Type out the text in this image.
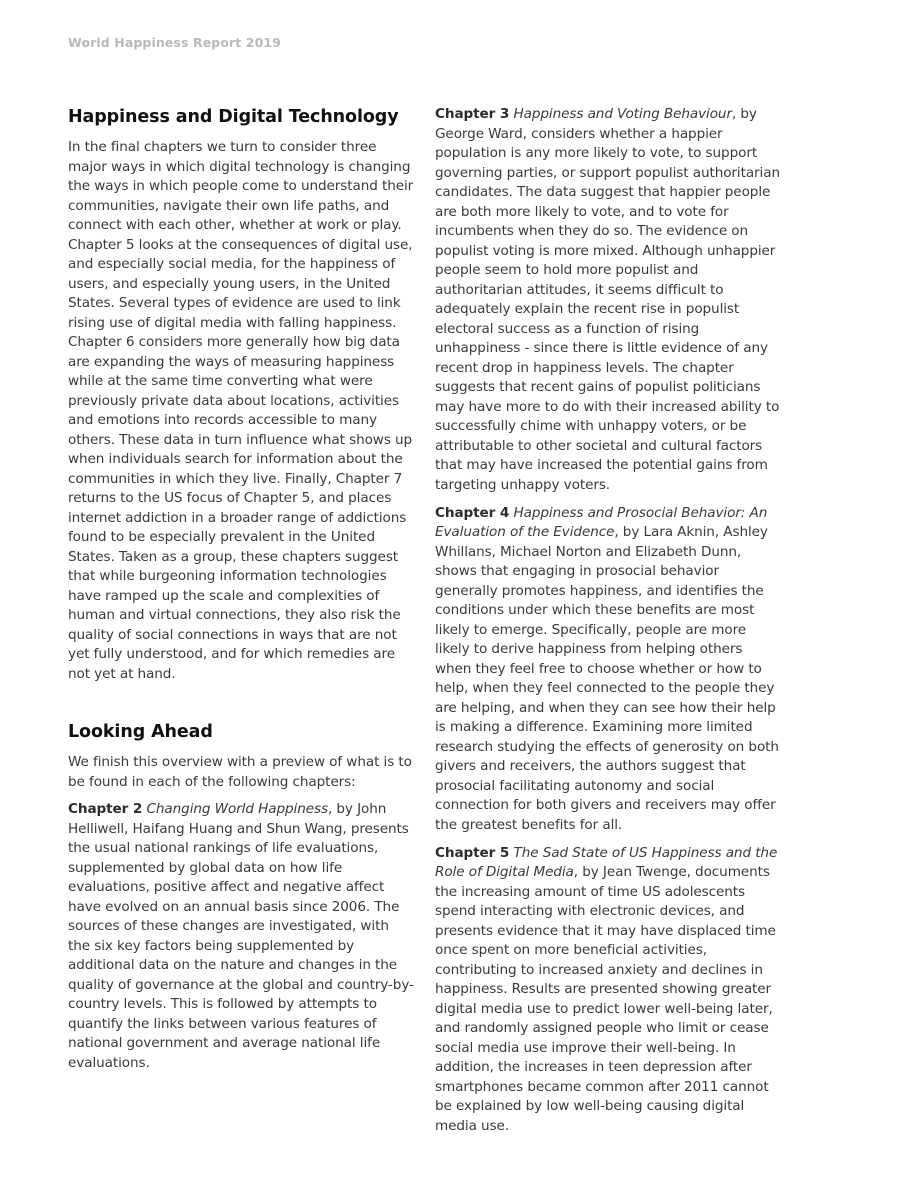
World Happiness Report 2019
Happiness and Digital Technology

In the final chapters we turn to consider three major ways in which digital technology is changing the ways in which people come to understand their communities, navigate their own life paths, and connect with each other, whether at work or play. Chapter 5 looks at the consequences of digital use, and especially social media, for the happiness of users, and especially young users, in the United States. Several types of evidence are used to link rising use of digital media with falling happiness. Chapter 6 considers more generally how big data are expanding the ways of measuring happiness while at the same time converting what were previously private data about locations, activities and emotions into records accessible to many others. These data in turn influence what shows up when individuals search for information about the communities in which they live. Finally, Chapter 7 returns to the US focus of Chapter 5, and places internet addiction in a broader range of addictions found to be especially prevalent in the United States. Taken as a group, these chapters suggest that while burgeoning information technologies have ramped up the scale and complexities of human and virtual connections, they also risk the quality of social connections in ways that are not yet fully understood, and for which remedies are not yet at hand.

Looking Ahead

We finish this overview with a preview of what is to be found in each of the following chapters:

Chapter 2 Changing World Happiness, by John Helliwell, Haifang Huang and Shun Wang, presents the usual national rankings of life evaluations, supplemented by global data on how life evaluations, positive affect and negative affect have evolved on an annual basis since 2006. The sources of these changes are investigated, with the six key factors being supplemented by additional data on the nature and changes in the quality of governance at the global and country-by-country levels. This is followed by attempts to quantify the links between various features of national government and average national life evaluations.

Chapter 3 Happiness and Voting Behaviour, by George Ward, considers whether a happier population is any more likely to vote, to support governing parties, or support populist authoritarian candidates. The data suggest that happier people are both more likely to vote, and to vote for incumbents when they do so. The evidence on populist voting is more mixed. Although unhappier people seem to hold more populist and authoritarian attitudes, it seems difficult to adequately explain the recent rise in populist electoral success as a function of rising unhappiness - since there is little evidence of any recent drop in happiness levels. The chapter suggests that recent gains of populist politicians may have more to do with their increased ability to successfully chime with unhappy voters, or be attributable to other societal and cultural factors that may have increased the potential gains from targeting unhappy voters.

Chapter 4 Happiness and Prosocial Behavior: An Evaluation of the Evidence, by Lara Aknin, Ashley Whillans, Michael Norton and Elizabeth Dunn, shows that engaging in prosocial behavior generally promotes happiness, and identifies the conditions under which these benefits are most likely to emerge. Specifically, people are more likely to derive happiness from helping others when they feel free to choose whether or how to help, when they feel connected to the people they are helping, and when they can see how their help is making a difference. Examining more limited research studying the effects of generosity on both givers and receivers, the authors suggest that prosocial facilitating autonomy and social connection for both givers and receivers may offer the greatest benefits for all.

Chapter 5 The Sad State of US Happiness and the Role of Digital Media, by Jean Twenge, documents the increasing amount of time US adolescents spend interacting with electronic devices, and presents evidence that it may have displaced time once spent on more beneficial activities, contributing to increased anxiety and declines in happiness. Results are presented showing greater digital media use to predict lower well-being later, and randomly assigned people who limit or cease social media use improve their well-being. In addition, the increases in teen depression after smartphones became common after 2011 cannot be explained by low well-being causing digital media use.
